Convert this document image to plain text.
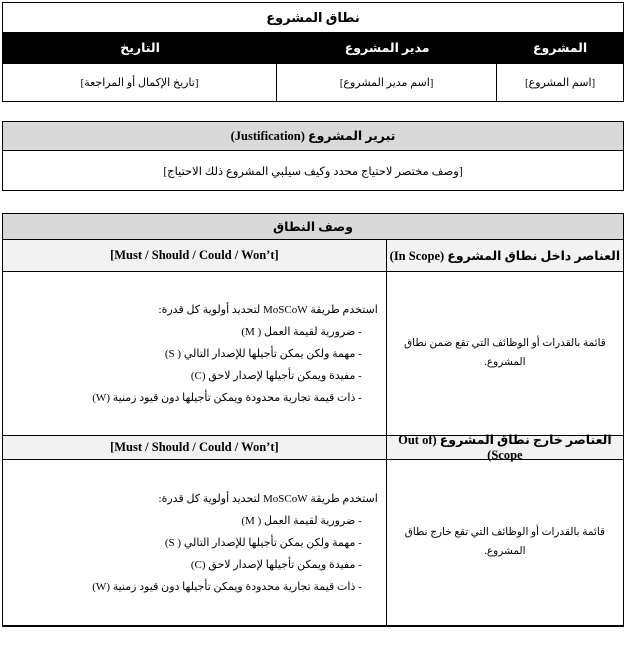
نطاق المشروع
المشروع
مدير المشروع
التاريخ
[اسم المشروع]
[اسم مدير المشروع]
[تاريخ الإكمال أو المراجعة]
تبرير المشروع (Justification)
[وصف مختصر لاحتياج محدد وكيف سيلبي المشروع ذلك الاحتياج]
وصف النطاق
العناصر داخل نطاق المشروع (In Scope)
[Must / Should / Could / Won’t]
قائمة بالقدرات أو الوظائف التي تقع ضمن نطاق المشروع.
استخدم طريقة MoSCoW لتحديد أولوية كل قدرة:
- ضرورية لقيمة العمل ( M)
- مهمة ولكن يمكن تأجيلها للإصدار التالي ( S)
- مفيدة ويمكن تأجيلها لإصدار لاحق (C)
- ذات قيمة تجارية محدودة ويمكن تأجيلها دون قيود زمنية (W)
العناصر خارج نطاق المشروع (Out of Scope)
[Must / Should / Could / Won’t]
قائمة بالقدرات أو الوظائف التي تقع خارج نطاق المشروع.
استخدم طريقة MoSCoW لتحديد أولوية كل قدرة:
- ضرورية لقيمة العمل ( M)
- مهمة ولكن يمكن تأجيلها للإصدار التالي ( S)
- مفيدة ويمكن تأجيلها لإصدار لاحق (C)
- ذات قيمة تجارية محدودة ويمكن تأجيلها دون قيود زمنية (W)
